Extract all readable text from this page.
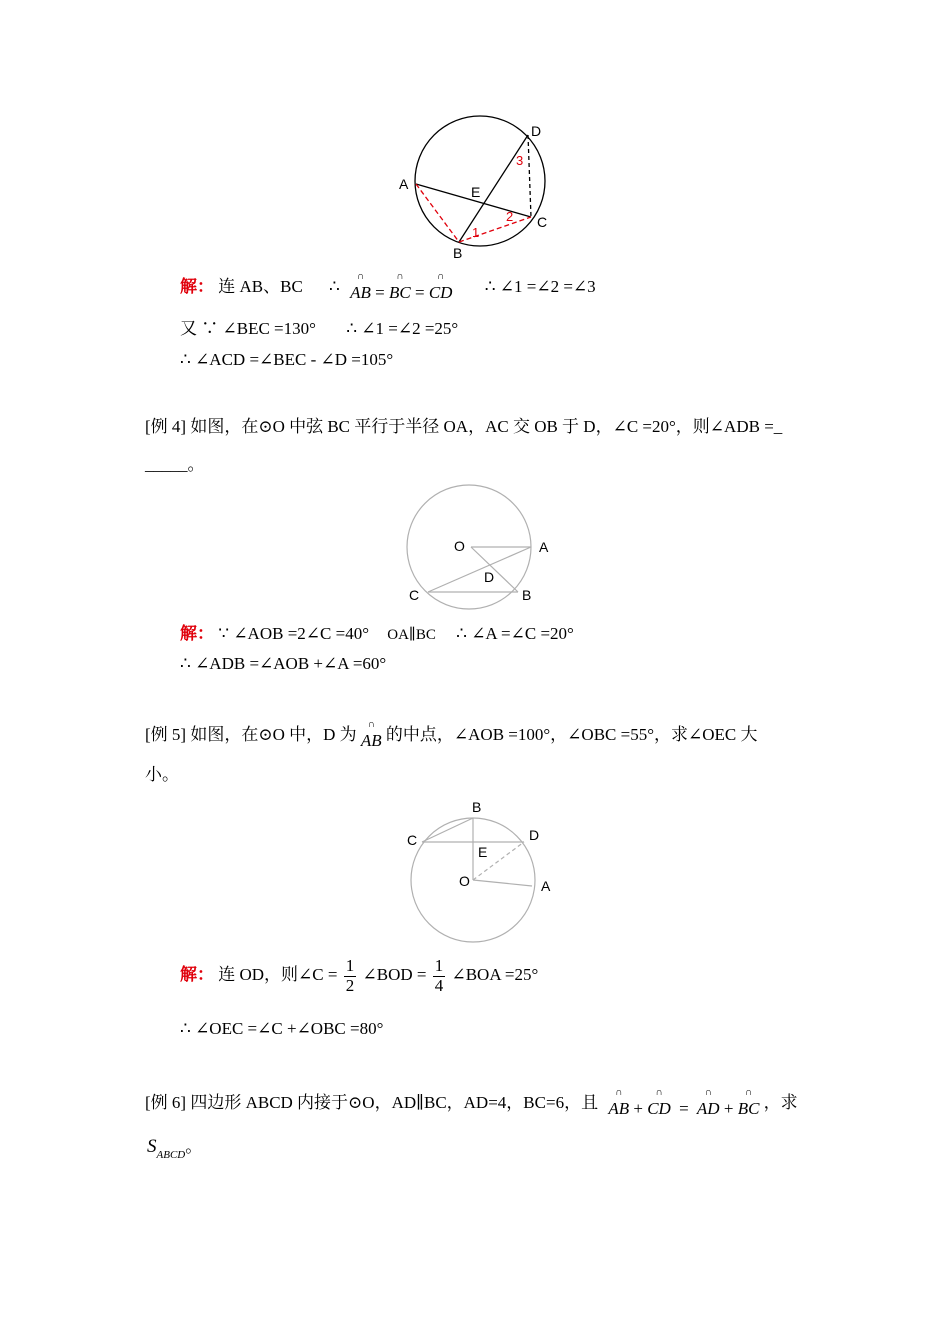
D
A	E
C
B
1
2
3
解： 连 AB、BC ∴ ∩ AB = ∩ BC = ∩ CD ∴ ∠1 =∠2 =∠3
又 ∵ ∠BEC =130° ∴ ∠1 =∠2 =25°
∴ ∠ACD =∠BEC - ∠D =105°
[例 4] 如图，在⊙O 中弦 BC 平行于半径 OA，AC 交 OB 于 D，∠C =20°，则∠ADB =_
_____。
O	A
D
C	B
解： ∵ ∠AOB =2∠C =40° OA∥BC ∴ ∠A =∠C =20°
∴ ∠ADB =∠AOB +∠A =60°
[例 5] 如图，在⊙O 中，D 为 ∩ AB 的中点，∠AOB =100°，∠OBC =55°，求∠OEC 大
小。
B
C	D
E
O	A
解： 连 OD，则∠C = $\frac{1}{2}$ ∠BOD = $\frac{1}{4}$ ∠BOA =25°
∴ ∠OEC =∠C +∠OBC =80°
[例 6] 四边形 ABCD 内接于⊙O，AD∥BC，AD=4，BC=6，且 ∩ AB + ∩ CD = ∩ AD + ∩ BC ，求
$S_{ABCD}$。
